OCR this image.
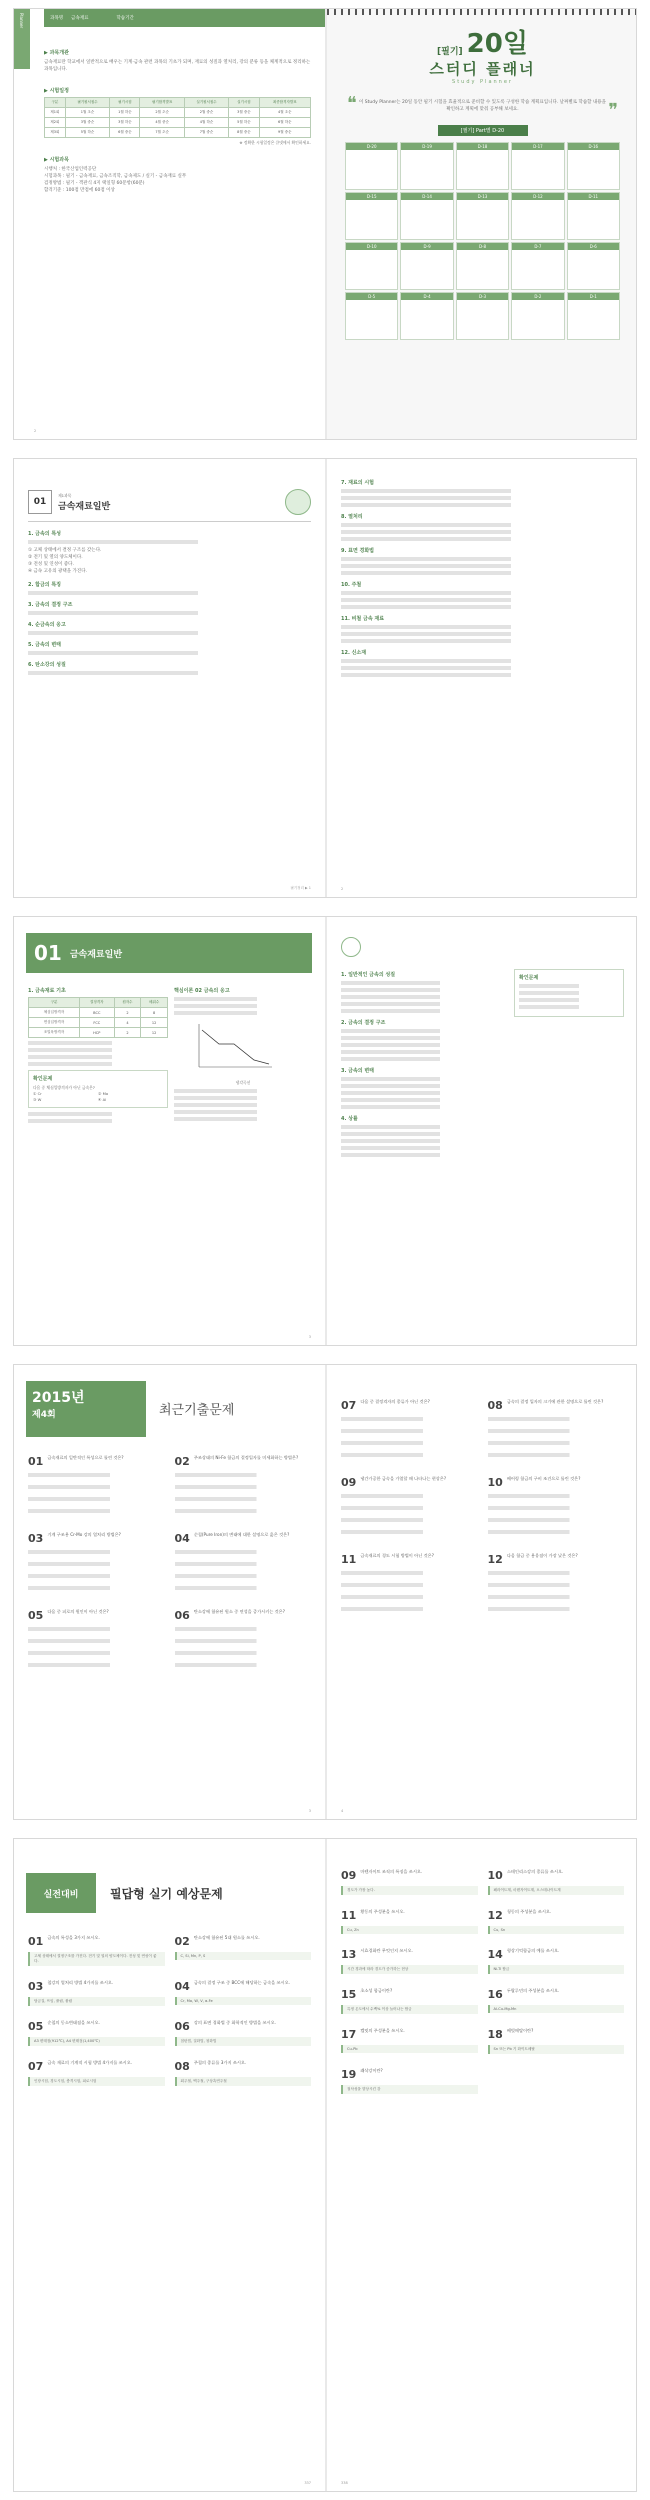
Planner	과목명 금속재료	학습기간
▶ 과목개관
금속재료란 학교에서 일반적으로 배우는 기계·금속 관련 과목의 기초가 되며, 재료의 성질과 열처리, 강의 분류 등을 체계적으로 정리하는 과목입니다.
▶ 시험일정
구분	필기원서접수	필기시험	필기합격발표	실기원서접수	실기시험	최종합격자발표
제1회	1월 초순	1월 하순	2월 초순	2월 중순	3월 중순	4월 초순
제2회	3월 중순	3월 하순	4월 중순	4월 하순	5월 하순	6월 하순
제3회	5월 하순	6월 중순	7월 초순	7월 중순	8월 중순	9월 중순
※ 정확한 시험일정은 큐넷에서 확인하세요.
▶ 시험과목
시행처 : 한국산업인력공단
시험과목 : 필기 - 금속재료, 금속조직학, 금속제도 / 실기 - 금속재료 실무
검정방법 : 필기 - 객관식 4지 택일형 60문항(60분)
합격기준 : 100점 만점에 60점 이상
2
[필기] 20일
스터디 플래너
Study Planner
❝ 이 Study Planner는 20일 동안 필기 시험을 효율적으로 준비할 수 있도록 구성한 학습 계획표입니다. 날짜별로 학습할 내용을 확인하고 계획에 맞춰 공부해 보세요.	❞
[필기] Part별 D-20
D-20	D-19	D-18	D-17	D-16
D-15	D-14	D-13	D-12	D-11
D-10	D-9	D-8	D-7	D-6
D-5	D-4	D-3	D-2	D-1
01
제1과목
금속재료일반
1. 금속의 특성
① 고체 상태에서 결정 구조를 갖는다.
② 전기 및 열의 양도체이다.
③ 전성 및 연성이 좋다.
④ 금속 고유의 광택을 가진다.
2. 합금의 특징
3. 금속의 결정 구조
4. 순금속의 응고
5. 금속의 변태
6. 탄소강의 성질
필기정리 ▶ 1
7. 재료의 시험
8. 열처리
9. 표면 경화법
10. 주철
11. 비철 금속 재료
12. 신소재
2
01 금속재료일반
1. 금속재료 기초
구분	결정격자	원자수	배위수
체심입방격자	BCC	2	8
면심입방격자	FCC	4	12
조밀육방격자	HCP	2	12
확인문제
다음 중 체심입방격자가 아닌 금속은?
① Cr	② Mo
③ W	④ Al
핵심이론 02 금속의 응고
냉각곡선
3
1. 일반적인 금속의 성질
2. 금속의 결정 구조
3. 금속의 변태
4. 상률
확인문제
2015년
제4회	최근기출문제
01 금속재료의 일반적인 특성으로 틀린 것은?	02 주조상태의 Ni-Fe 합금의 결정입자를 미세화하는 방법은?
03 기계 구조용 Cr-Mo 강의 열처리 방법은?	04 순철(Pure Iron)의 변태에 대한 설명으로 옳은 것은?
05 다음 중 피로의 원인이 아닌 것은?	06 탄소강에 함유된 원소 중 연성을 증가시키는 것은?
3
07 다음 중 결정격자의 종류가 아닌 것은?	08 금속의 결정 입자의 크기에 관한 설명으로 틀린 것은?
09 냉간가공한 금속을 가열할 때 나타나는 현상은?	10 베어링 합금의 구비 조건으로 틀린 것은?
11 금속재료의 경도 시험 방법이 아닌 것은?	12 다음 합금 중 용융점이 가장 낮은 것은?
4
실전대비	필답형 실기 예상문제
01 금속의 특성을 3가지 쓰시오.
고체 상태에서 결정구조를 가진다. 전기 및 열의 양도체이다. 전성 및 연성이 좋다.
02 탄소강에 함유된 5대 원소를 쓰시오.
C, Si, Mn, P, S
03 철강의 열처리 방법 4가지를 쓰시오.
담금질, 뜨임, 풀림, 불림
04 금속의 결정 구조 중 BCC에 해당하는 금속을 쓰시오.
Cr, Mo, W, V, α-Fe
05 순철의 동소변태점을 쓰시오.
A3 변태점(912℃), A4 변태점(1,400℃)
06 강의 표면 경화법 중 화학적인 방법을 쓰시오.
침탄법, 질화법, 청화법
07 금속 재료의 기계적 시험 방법 4가지를 쓰시오.
인장시험, 경도시험, 충격시험, 피로시험
08 주철의 종류를 3가지 쓰시오.
회주철, 백주철, 구상흑연주철
337
09 마텐자이트 조직의 특징을 쓰시오.
경도가 가장 높다.
10 스테인리스강의 종류를 쓰시오.
페라이트계, 마텐자이트계, 오스테나이트계
11 황동의 주성분을 쓰시오.
Cu, Zn
12 청동의 주성분을 쓰시오.
Cu, Sn
13 시효경화란 무엇인지 쓰시오.
시간 경과에 따라 경도가 증가하는 현상
14 형상기억합금의 예를 쓰시오.
Ni-Ti 합금
15 초소성 합금이란?
특정 온도에서 수백% 이상 늘어나는 합금
16 두랄루민의 주성분을 쓰시오.
Al-Cu-Mg-Mn
17 켈밋의 주성분을 쓰시오.
Cu-Pb
18 베빗메탈이란?
Sn 또는 Pb 기 화이트메탈
19 쾌삭강이란?
절삭성을 향상시킨 강
338
